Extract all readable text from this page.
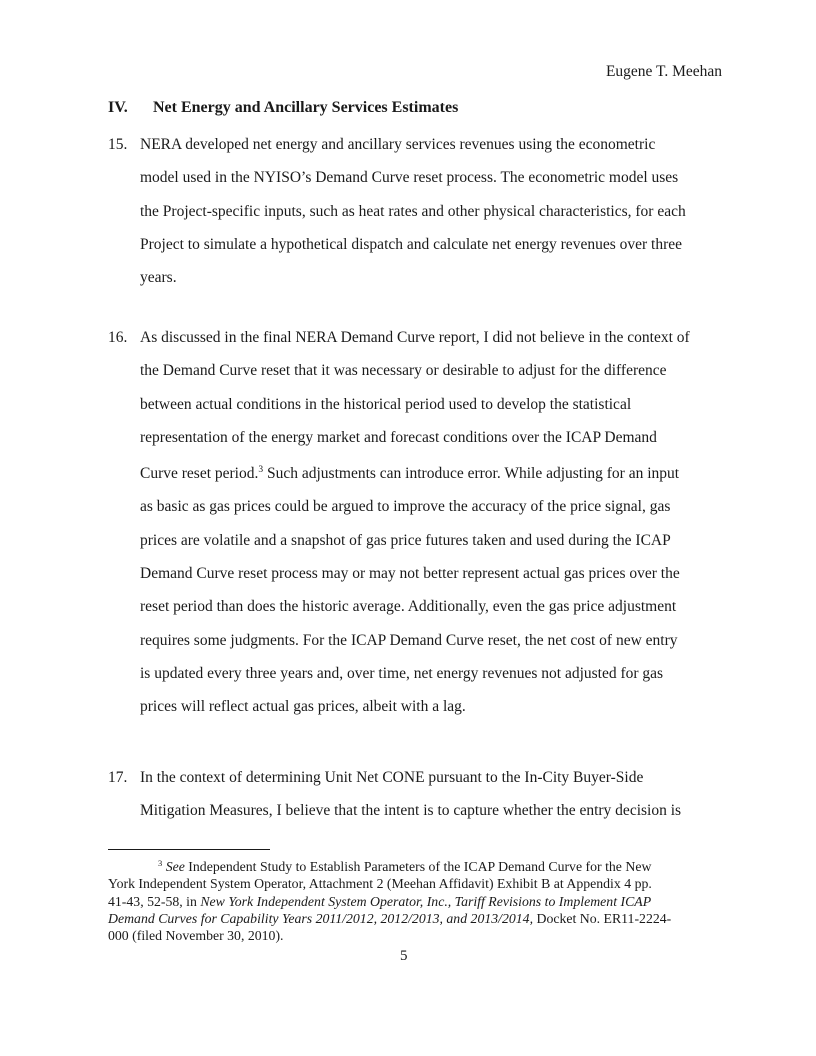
Eugene T. Meehan
IV. Net Energy and Ancillary Services Estimates
15. NERA developed net energy and ancillary services revenues using the econometric
model used in the NYISO’s Demand Curve reset process. The econometric model uses
the Project-specific inputs, such as heat rates and other physical characteristics, for each
Project to simulate a hypothetical dispatch and calculate net energy revenues over three
years.
16. As discussed in the final NERA Demand Curve report, I did not believe in the context of
the Demand Curve reset that it was necessary or desirable to adjust for the difference
between actual conditions in the historical period used to develop the statistical
representation of the energy market and forecast conditions over the ICAP Demand
Curve reset period.$^3$ Such adjustments can introduce error. While adjusting for an input
as basic as gas prices could be argued to improve the accuracy of the price signal, gas
prices are volatile and a snapshot of gas price futures taken and used during the ICAP
Demand Curve reset process may or may not better represent actual gas prices over the
reset period than does the historic average. Additionally, even the gas price adjustment
requires some judgments. For the ICAP Demand Curve reset, the net cost of new entry
is updated every three years and, over time, net energy revenues not adjusted for gas
prices will reflect actual gas prices, albeit with a lag.
17. In the context of determining Unit Net CONE pursuant to the In-City Buyer-Side
Mitigation Measures, I believe that the intent is to capture whether the entry decision is
$^3$ See Independent Study to Establish Parameters of the ICAP Demand Curve for the New
York Independent System Operator, Attachment 2 (Meehan Affidavit) Exhibit B at Appendix 4 pp.
41-43, 52-58, in New York Independent System Operator, Inc., Tariff Revisions to Implement ICAP
Demand Curves for Capability Years 2011/2012, 2012/2013, and 2013/2014, Docket No. ER11-2224-
000 (filed November 30, 2010).
5
